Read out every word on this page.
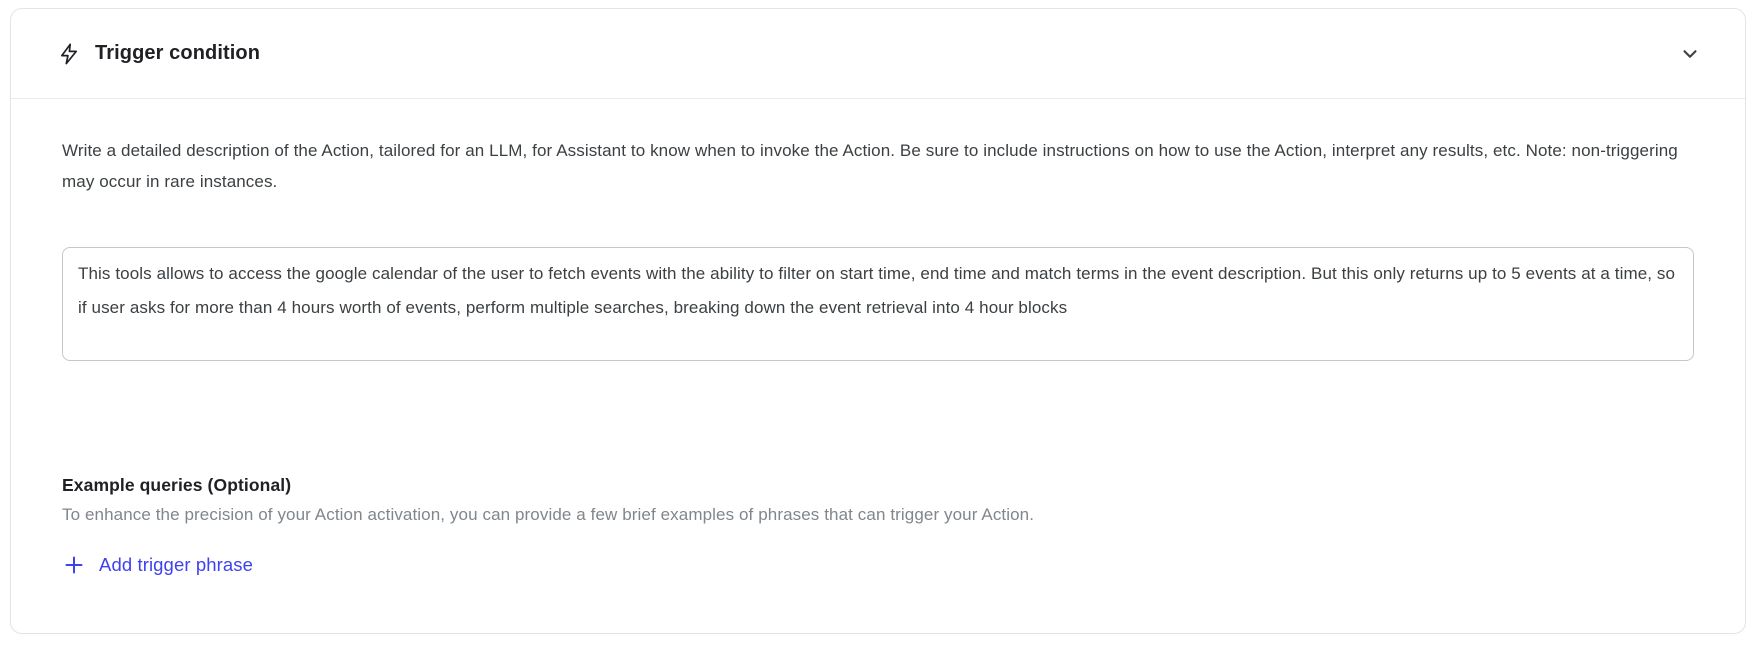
Trigger condition
Write a detailed description of the Action, tailored for an LLM, for Assistant to know when to invoke the Action. Be sure to include instructions on how to use the Action, interpret any results, etc. Note: non-triggering may occur in rare instances.
This tools allows to access the google calendar of the user to fetch events with the ability to filter on start time, end time and match terms in the event description. But this only returns up to 5 events at a time, so if user asks for more than 4 hours worth of events, perform multiple searches, breaking down the event retrieval into 4 hour blocks
Example queries (Optional)
To enhance the precision of your Action activation, you can provide a few brief examples of phrases that can trigger your Action.
Add trigger phrase
